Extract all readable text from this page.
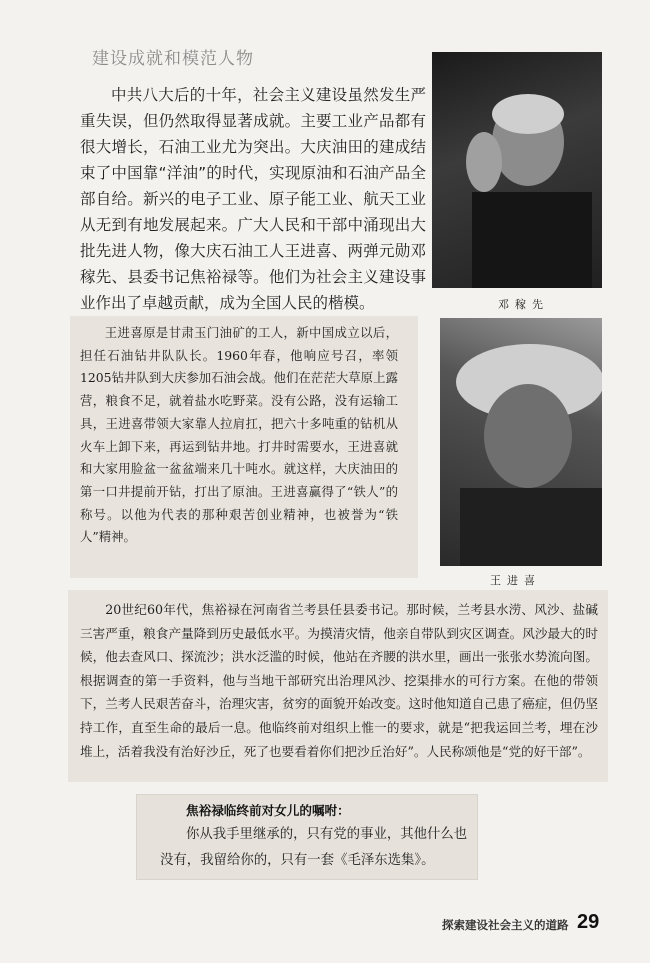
建设成就和模范人物
中共八大后的十年，社会主义建设虽然发生严重失误，但仍然取得显著成就。主要工业产品都有很大增长，石油工业尤为突出。大庆油田的建成结束了中国靠“洋油”的时代，实现原油和石油产品全部自给。新兴的电子工业、原子能工业、航天工业从无到有地发展起来。广大人民和干部中涌现出大批先进人物，像大庆石油工人王进喜、两弹元勋邓稼先、县委书记焦裕禄等。他们为社会主义建设事业作出了卓越贡献，成为全国人民的楷模。	邓稼先
王进喜原是甘肃玉门油矿的工人，新中国成立以后，担任石油钻井队队长。1960年春，他响应号召，率领1205钻井队到大庆参加石油会战。他们在茫茫大草原上露营，粮食不足，就着盐水吃野菜。没有公路，没有运输工具，王进喜带领大家靠人拉肩扛，把六十多吨重的钻机从火车上卸下来，再运到钻井地。打井时需要水，王进喜就和大家用脸盆一盆盆端来几十吨水。就这样，大庆油田的第一口井提前开钻，打出了原油。王进喜赢得了“铁人”的称号。以他为代表的那种艰苦创业精神，也被誉为“铁人”精神。
王进喜
20世纪60年代，焦裕禄在河南省兰考县任县委书记。那时候，兰考县水涝、风沙、盐碱三害严重，粮食产量降到历史最低水平。为摸清灾情，他亲自带队到灾区调查。风沙最大的时候，他去查风口、探流沙；洪水泛滥的时候，他站在齐腰的洪水里，画出一张张水势流向图。根据调查的第一手资料，他与当地干部研究出治理风沙、挖渠排水的可行方案。在他的带领下，兰考人民艰苦奋斗，治理灾害，贫穷的面貌开始改变。这时他知道自己患了癌症，但仍坚持工作，直至生命的最后一息。他临终前对组织上惟一的要求，就是“把我运回兰考，埋在沙堆上，活着我没有治好沙丘，死了也要看着你们把沙丘治好”。人民称颂他是“党的好干部”。
焦裕禄临终前对女儿的嘱咐：
你从我手里继承的，只有党的事业，其他什么也
没有，我留给你的，只有一套《毛泽东选集》。
探索建设社会主义的道路 29
